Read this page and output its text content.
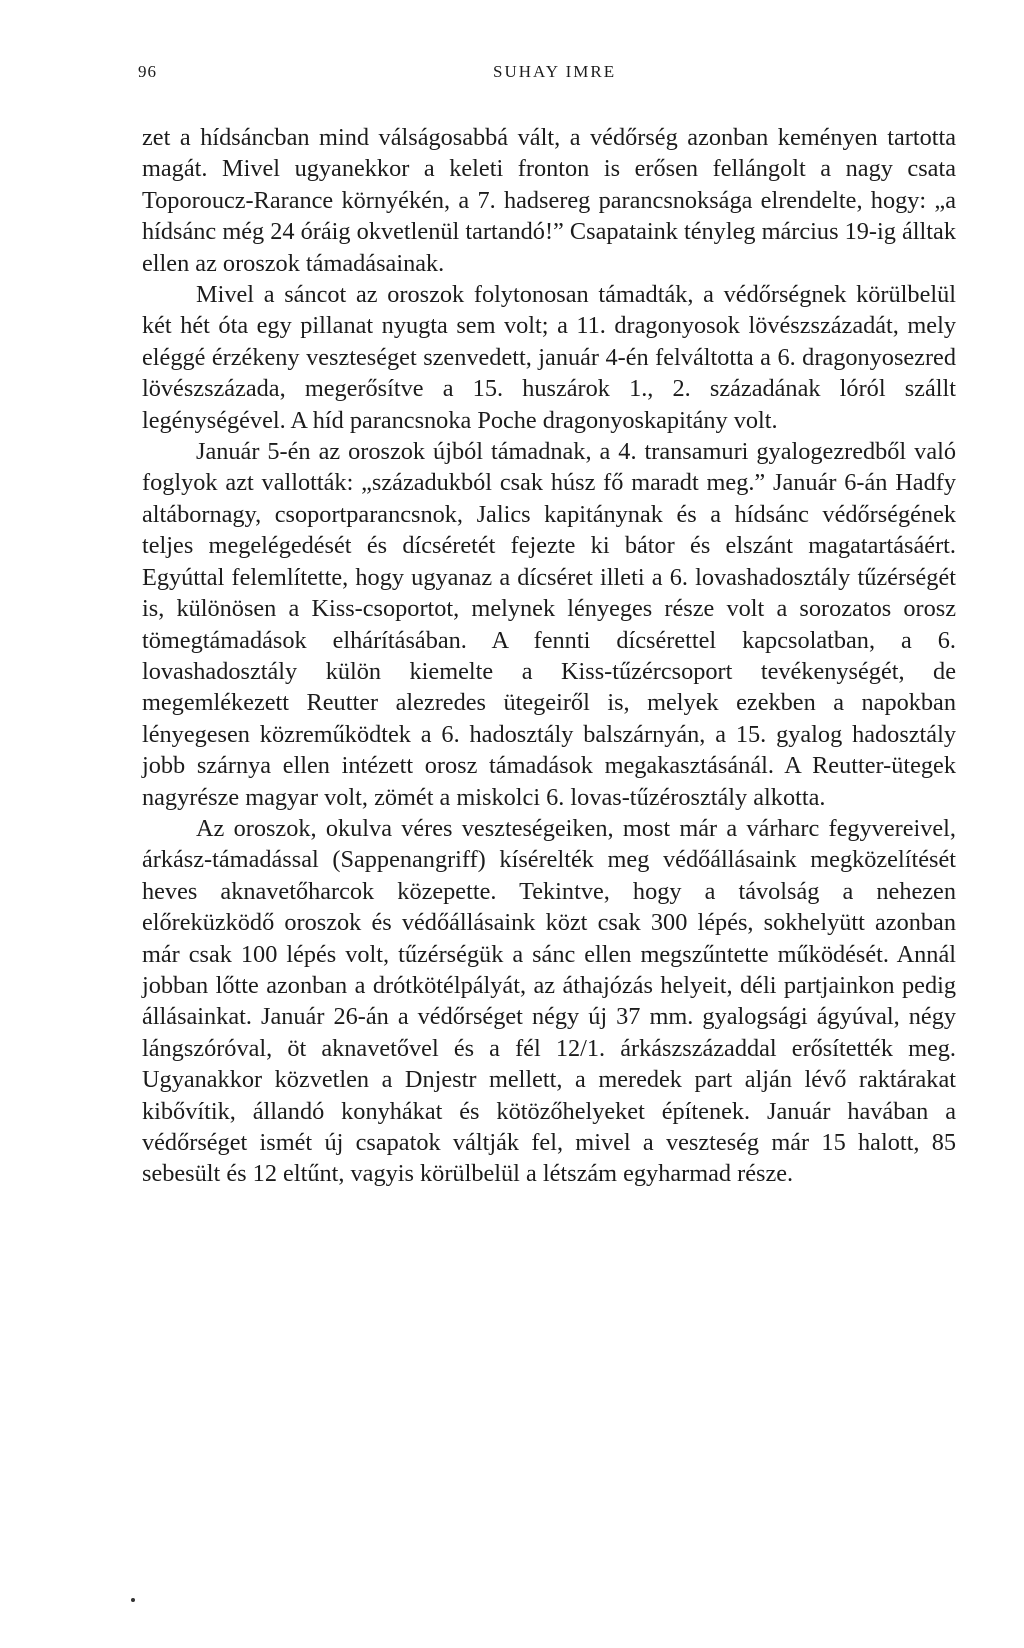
96	SUHAY IMRE

zet a hídsáncban mind válságosabbá vált, a védőrség azonban keményen tartotta magát. Mivel ugyanekkor a keleti fronton is erősen fellángolt a nagy csata Toporoucz-Rarance környékén, a 7. hadsereg parancsnoksága elrendelte, hogy: „a hídsánc még 24 óráig okvetlenül tartandó!” Csapataink tényleg március 19-ig álltak ellen az oroszok támadásainak.

Mivel a sáncot az oroszok folytonosan támadták, a védőrségnek körülbelül két hét óta egy pillanat nyugta sem volt; a 11. dragonyosok lövészszázadát, mely eléggé érzékeny veszteséget szenvedett, január 4-én felváltotta a 6. dragonyosezred lövészszázada, megerősítve a 15. huszárok 1., 2. századának lóról szállt legénységével. A híd parancsnoka Poche dragonyoskapitány volt.

Január 5-én az oroszok újból támadnak, a 4. transamuri gyalogezredből való foglyok azt vallották: „századukból csak húsz fő maradt meg.” Január 6-án Hadfy altábornagy, csoportparancsnok, Jalics kapitánynak és a hídsánc védőrségének teljes megelégedését és dícséretét fejezte ki bátor és elszánt magatartásáért. Egyúttal felemlítette, hogy ugyanaz a dícséret illeti a 6. lovashadosztály tűzérségét is, különösen a Kiss-csoportot, melynek lényeges része volt a sorozatos orosz tömegtámadások elhárításában. A fennti dícsérettel kapcsolatban, a 6. lovashadosztály külön kiemelte a Kiss-tűzércsoport tevékenységét, de megemlékezett Reutter alezredes ütegeiről is, melyek ezekben a napokban lényegesen közreműködtek a 6. hadosztály balszárnyán, a 15. gyalog hadosztály jobb szárnya ellen intézett orosz támadások megakasztásánál. A Reutter-ütegek nagyrésze magyar volt, zömét a miskolci 6. lovas-tűzérosztály alkotta.

Az oroszok, okulva véres veszteségeiken, most már a várharc fegyvereivel, árkász-támadással (Sappenangriff) kísérelték meg védőállásaink megközelítését heves aknavetőharcok közepette. Tekintve, hogy a távolság a nehezen előreküzködő oroszok és védőállásaink közt csak 300 lépés, sokhelyütt azonban már csak 100 lépés volt, tűzérségük a sánc ellen megszűntette működését. Annál jobban lőtte azonban a drótkötélpályát, az áthajózás helyeit, déli partjainkon pedig állásainkat. Január 26-án a védőrséget négy új 37 mm. gyalogsági ágyúval, négy lángszóróval, öt aknavetővel és a fél 12/1. árkászszázaddal erősítették meg. Ugyanakkor közvetlen a Dnjestr mellett, a meredek part alján lévő raktárakat kibővítik, állandó konyhákat és kötözőhelyeket építenek. Január havában a védőrséget ismét új csapatok váltják fel, mivel a veszteség már 15 halott, 85 sebesült és 12 eltűnt, vagyis körülbelül a létszám egyharmad része.
